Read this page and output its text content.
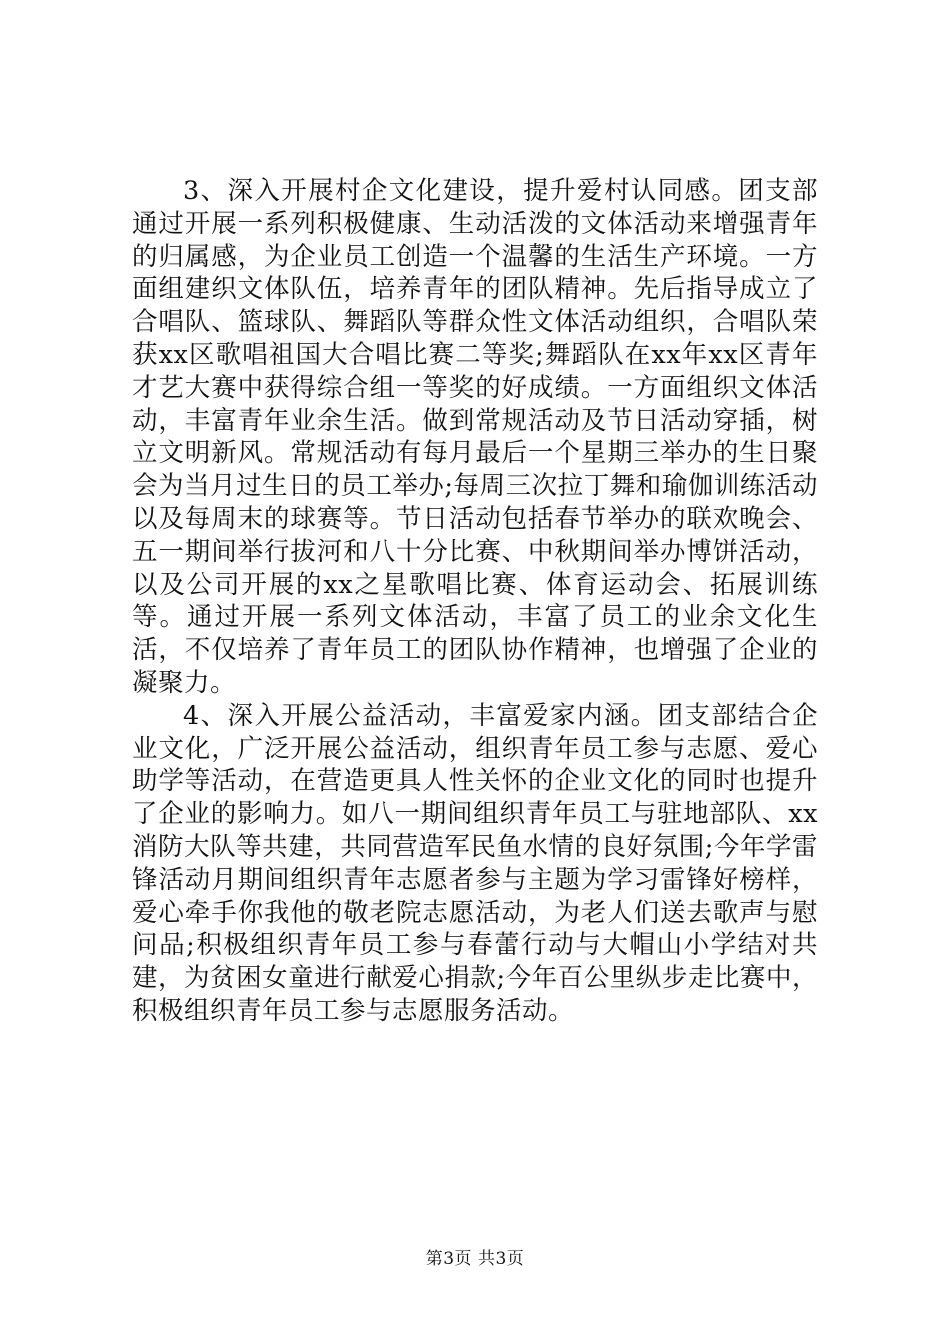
3、深入开展村企文化建设，提升爱村认同感。团支部通过开展一系列积极健康、生动活泼的文体活动来增强青年的归属感，为企业员工创造一个温馨的生活生产环境。一方面组建织文体队伍，培养青年的团队精神。先后指导成立了合唱队、篮球队、舞蹈队等群众性文体活动组织，合唱队荣获xx区歌唱祖国大合唱比赛二等奖;舞蹈队在xx年xx区青年才艺大赛中获得综合组一等奖的好成绩。一方面组织文体活动，丰富青年业余生活。做到常规活动及节日活动穿插，树立文明新风。常规活动有每月最后一个星期三举办的生日聚会为当月过生日的员工举办;每周三次拉丁舞和瑜伽训练活动以及每周末的球赛等。节日活动包括春节举办的联欢晚会、五一期间举行拔河和八十分比赛、中秋期间举办博饼活动，以及公司开展的xx之星歌唱比赛、体育运动会、拓展训练等。通过开展一系列文体活动，丰富了员工的业余文化生活，不仅培养了青年员工的团队协作精神，也增强了企业的凝聚力。

4、深入开展公益活动，丰富爱家内涵。团支部结合企业文化，广泛开展公益活动，组织青年员工参与志愿、爱心助学等活动，在营造更具人性关怀的企业文化的同时也提升了企业的影响力。如八一期间组织青年员工与驻地部队、xx消防大队等共建，共同营造军民鱼水情的良好氛围;今年学雷锋活动月期间组织青年志愿者参与主题为学习雷锋好榜样，爱心牵手你我他的敬老院志愿活动，为老人们送去歌声与慰问品;积极组织青年员工参与春蕾行动与大帽山小学结对共建，为贫困女童进行献爱心捐款;今年百公里纵步走比赛中，积极组织青年员工参与志愿服务活动。

第3页 共3页
